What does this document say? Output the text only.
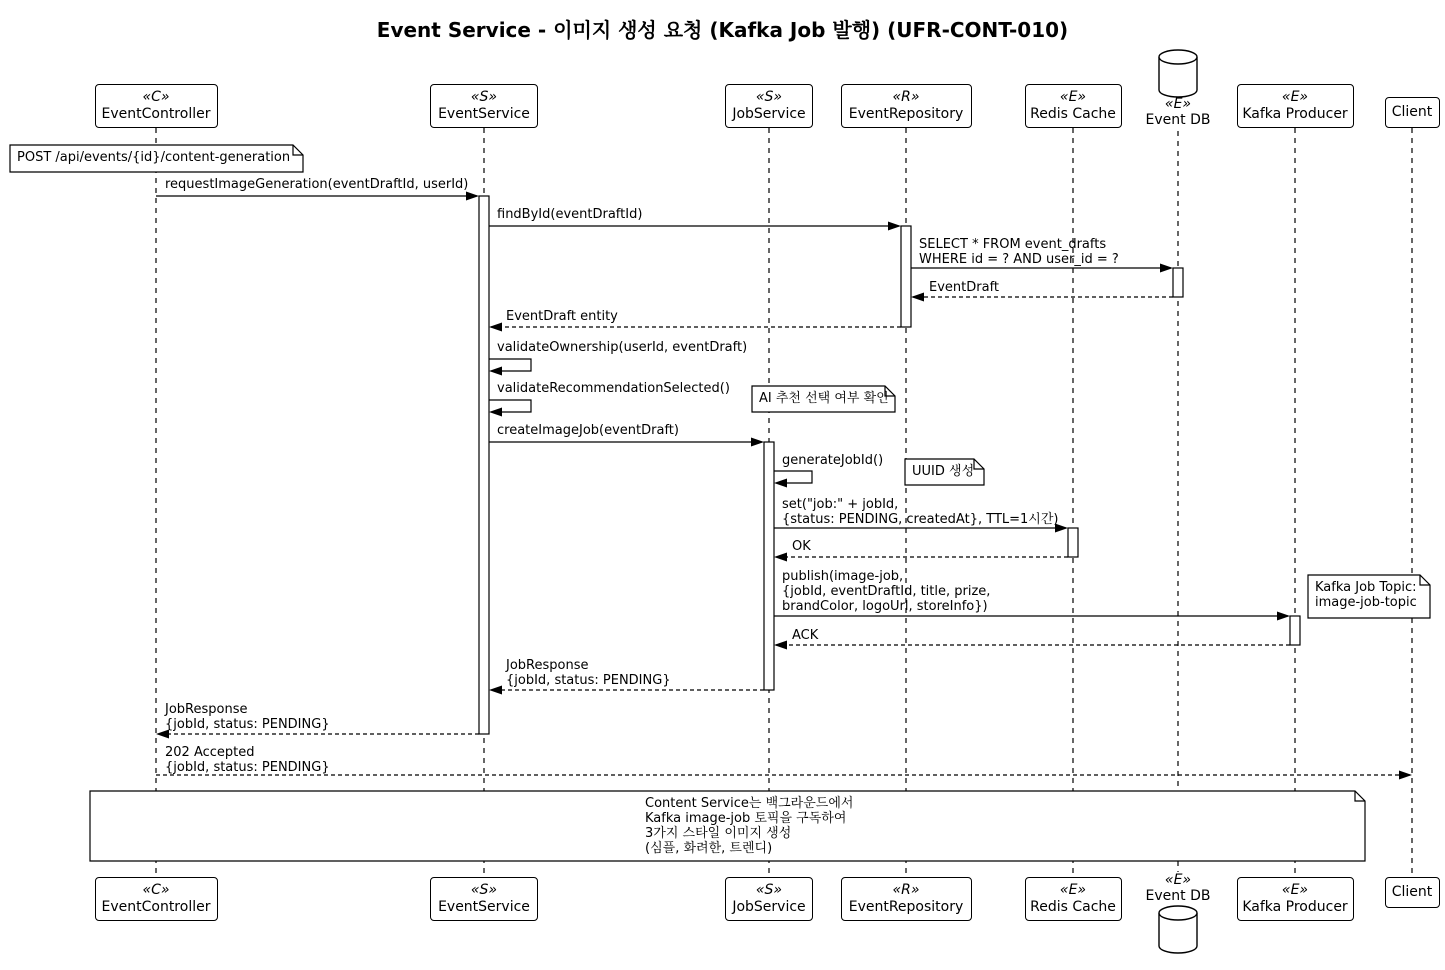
Event Service - 이미지 생성 요청 (Kafka Job 발행) (UFR-CONT-010)
POST /api/events/{id}/content-generation
AI 추천 선택 여부 확인
UUID 생성
Kafka Job Topic:
image-job-topic
Content Service는 백그라운드에서
Kafka image-job 토픽을 구독하여
3가지 스타일 이미지 생성
(심플, 화려한, 트렌디)
requestImageGeneration(eventDraftId, userId)
findById(eventDraftId)
SELECT * FROM event_drafts
WHERE id = ? AND user_id = ?
EventDraft
EventDraft entity
createImageJob(eventDraft)
set("job:" + jobId,
{status: PENDING, createdAt}, TTL=1시간)
OK
publish(image-job,
{jobId, eventDraftId, title, prize,
brandColor, logoUrl, storeInfo})
ACK
JobResponse
{jobId, status: PENDING}
JobResponse
{jobId, status: PENDING}
202 Accepted
{jobId, status: PENDING}
validateOwnership(userId, eventDraft)
validateRecommendationSelected()
generateJobId()
«C»
EventController
«C»
EventController
«S»
EventService
«S»
EventService
«S»
JobService
«S»
JobService
«R»
EventRepository
«R»
EventRepository
«E»
Redis Cache
«E»
Redis Cache
«E»
Event DB
«E»
Event DB
«E»
Kafka Producer
«E»
Kafka Producer
Client
Client
